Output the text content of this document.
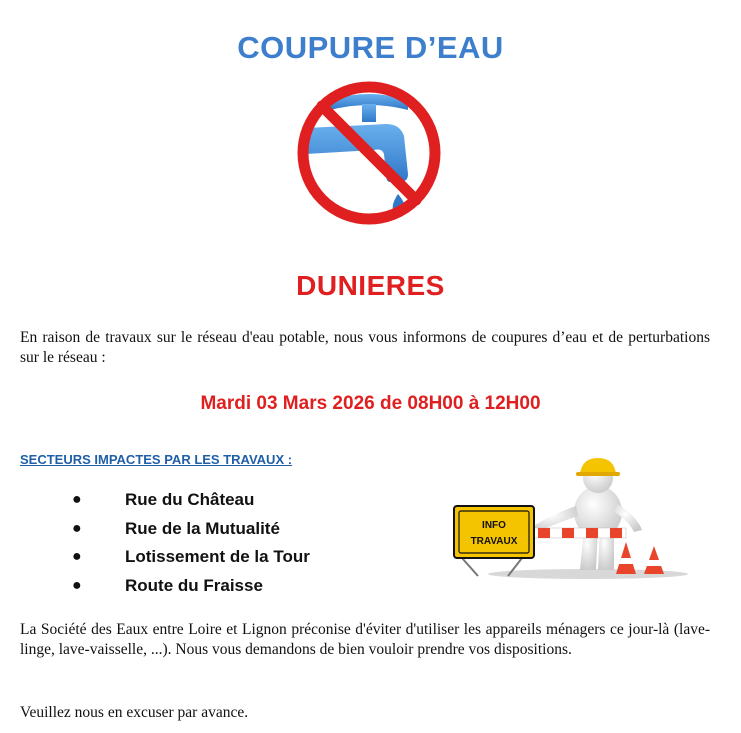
COUPURE D’EAU
DUNIERES
En raison de travaux sur le réseau d'eau potable, nous vous informons de coupures d’eau et de perturbations sur le réseau :
Mardi 03 Mars 2026 de 08H00 à 12H00
SECTEURS IMPACTES PAR LES TRAVAUX :
●	Rue du Château
●	Rue de la Mutualité
●	Lotissement de la Tour
●	Route du Fraisse
INFO
TRAVAUX
La Société des Eaux entre Loire et Lignon préconise d'éviter d'utiliser les appareils ménagers ce jour-là (lave-linge, lave-vaisselle, ...). Nous vous demandons de bien vouloir prendre vos dispositions.
Veuillez nous en excuser par avance.
